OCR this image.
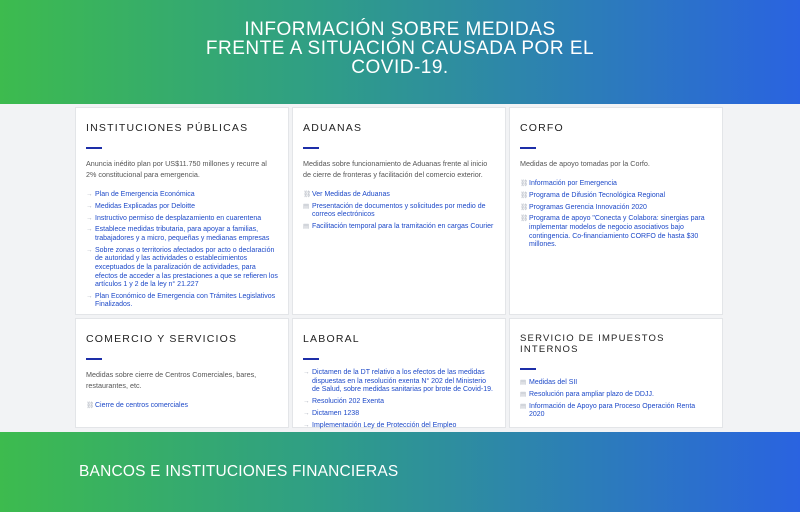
INFORMACIÓN SOBRE MEDIDAS
FRENTE A SITUACIÓN CAUSADA POR EL
COVID-19.
INSTITUCIONES PÚBLICAS

Anuncia inédito plan por US$11.750 millones y recurre al 2% constitucional para emergencia.

→ Plan de Emergencia Económica
→ Medidas Explicadas por Deloitte
→ Instructivo permiso de desplazamiento en cuarentena
→ Establece medidas tributaria, para apoyar a familias, trabajadores y a micro, pequeñas y medianas empresas
→ Sobre zonas o territorios afectados por acto o declaración de autoridad y las actividades o establecimientos exceptuados de la paralización de actividades, para efectos de acceder a las prestaciones a que se refieren los artículos 1 y 2 de la ley n° 21.227
→ Plan Económico de Emergencia con Trámites Legislativos Finalizados.
ADUANAS

Medidas sobre funcionamiento de Aduanas frente al inicio de cierre de fronteras y facilitación del comercio exterior.

⛓ Ver Medidas de Aduanas
▤ Presentación de documentos y solicitudes por medio de correos electrónicos
▤ Facilitación temporal para la tramitación en cargas Courier
CORFO

Medidas de apoyo tomadas por la Corfo.

⛓ Información por Emergencia
⛓ Programa de Difusión Tecnológica Regional
⛓ Programas Gerencia Innovación 2020
⛓ Programa de apoyo "Conecta y Colabora: sinergias para implementar modelos de negocio asociativos bajo contingencia. Co-financiamiento CORFO de hasta $30 millones.
COMERCIO Y SERVICIOS

Medidas sobre cierre de Centros Comerciales, bares, restaurantes, etc.

⛓ Cierre de centros comerciales
LABORAL
→ Dictamen de la DT relativo a los efectos de las medidas dispuestas en la resolución exenta N° 202 del Ministerio de Salud, sobre medidas sanitarias por brote de Covid-19.
→ Resolución 202 Exenta
→ Dictamen 1238
→ Implementación Ley de Protección del Empleo
SERVICIO DE IMPUESTOS INTERNOS
▤ Medidas del SII
▤ Resolución para ampliar plazo de DDJJ.
▤ Información de Apoyo para Proceso Operación Renta 2020
BANCOS E INSTITUCIONES FINANCIERAS
